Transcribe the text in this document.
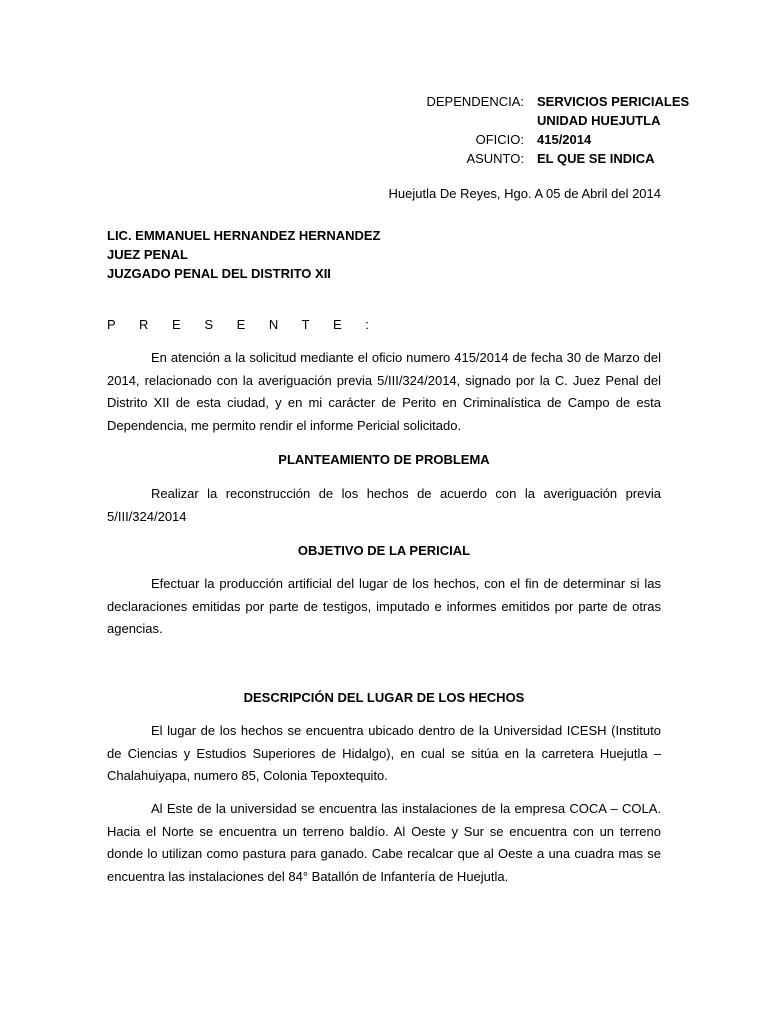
DEPENDENCIA:	SERVICIOS PERICIALES
UNIDAD HUEJUTLA
OFICIO:	415/2014
ASUNTO:	EL QUE SE INDICA
Huejutla De Reyes, Hgo. A 05 de Abril del 2014
LIC. EMMANUEL HERNANDEZ HERNANDEZ
JUEZ PENAL
JUZGADO PENAL DEL DISTRITO XII
P R E S E N T E :

En atención a la solicitud mediante el oficio numero 415/2014 de fecha 30 de Marzo del 2014, relacionado con la averiguación previa 5/III/324/2014, signado por la C. Juez Penal del Distrito XII de esta ciudad, y en mi carácter de Perito en Criminalística de Campo de esta Dependencia, me permito rendir el informe Pericial solicitado.

PLANTEAMIENTO DE PROBLEMA

Realizar la reconstrucción de los hechos de acuerdo con la averiguación previa 5/III/324/2014

OBJETIVO DE LA PERICIAL

Efectuar la producción artificial del lugar de los hechos, con el fin de determinar si las declaraciones emitidas por parte de testigos, imputado e informes emitidos por parte de otras agencias.

DESCRIPCIÓN DEL LUGAR DE LOS HECHOS

El lugar de los hechos se encuentra ubicado dentro de la Universidad ICESH (Instituto de Ciencias y Estudios Superiores de Hidalgo), en cual se sitúa en la carretera Huejutla – Chalahuiyapa, numero 85, Colonia Tepoxtequito.

Al Este de la universidad se encuentra las instalaciones de la empresa COCA – COLA. Hacia el Norte se encuentra un terreno baldío. Al Oeste y Sur se encuentra con un terreno donde lo utilizan como pastura para ganado. Cabe recalcar que al Oeste a una cuadra mas se encuentra las instalaciones del 84° Batallón de Infantería de Huejutla.
